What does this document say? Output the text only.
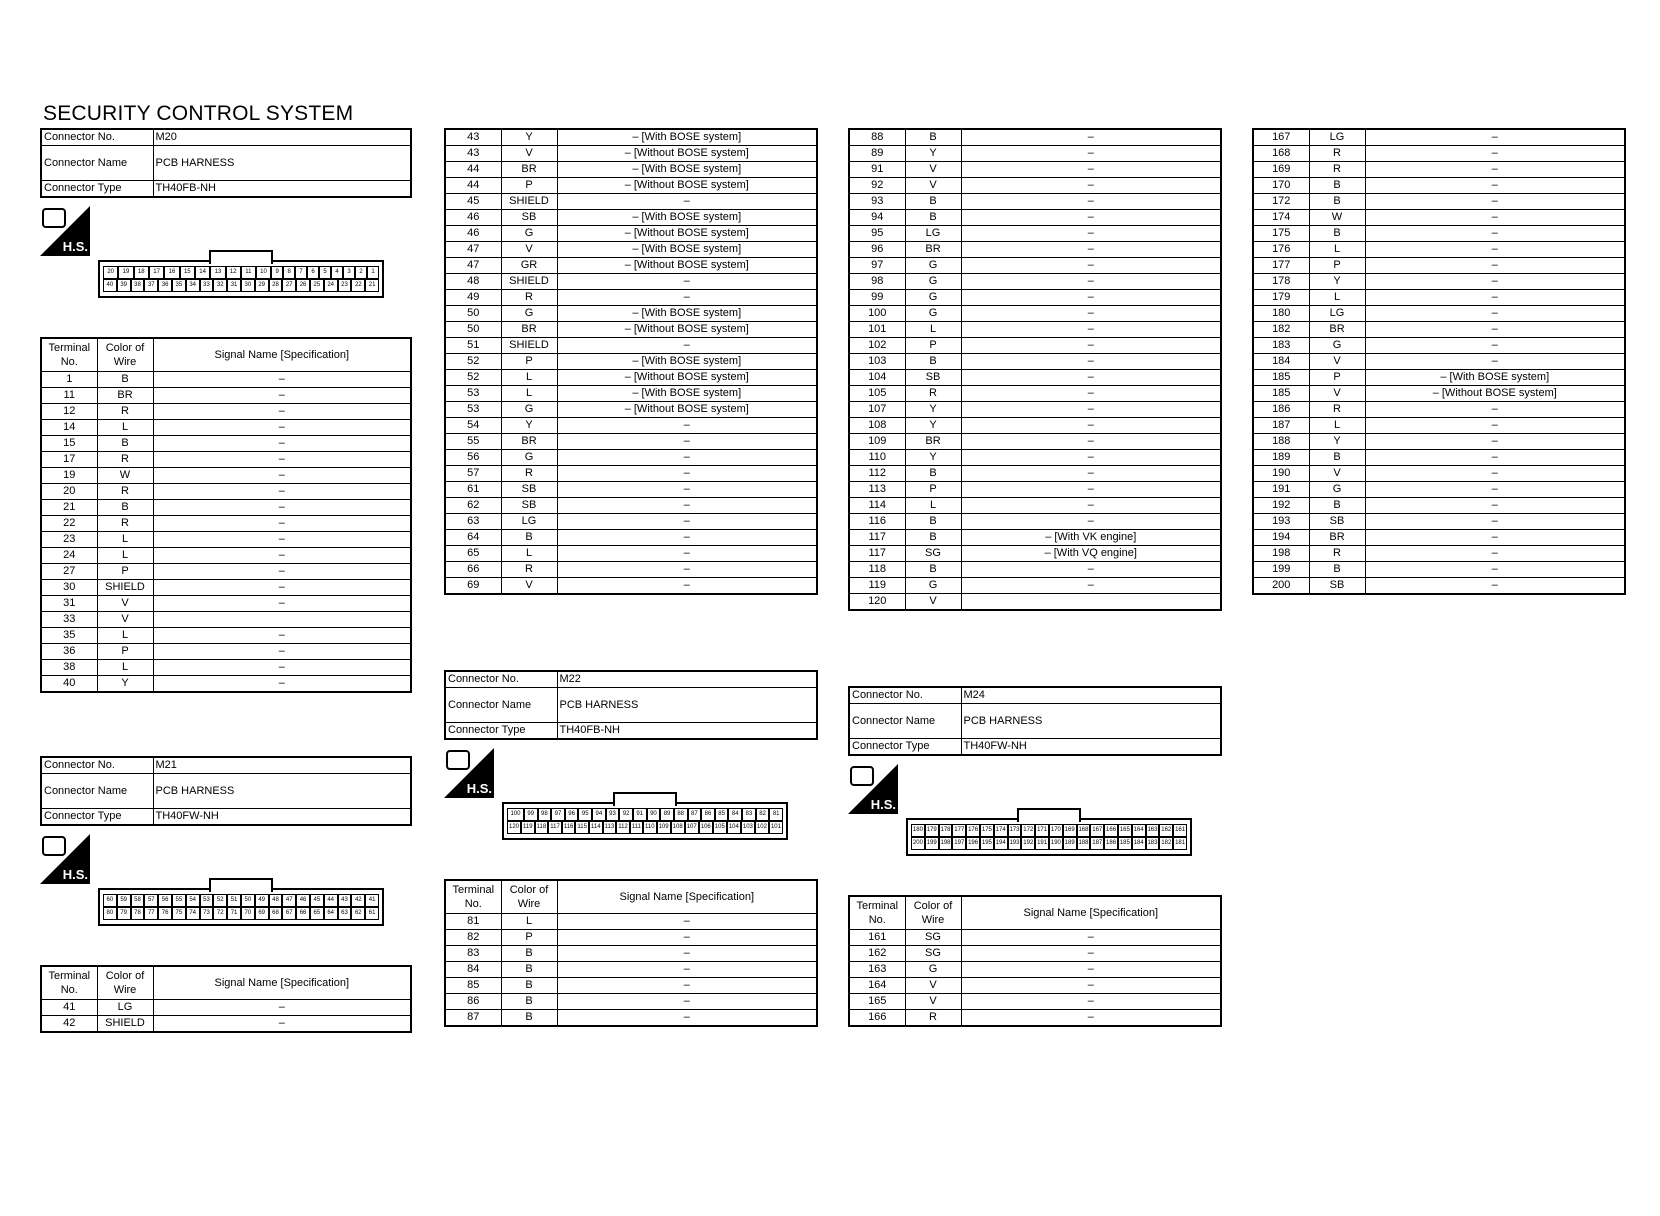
SECURITY CONTROL SYSTEM
Connector No.	M20
Connector Name	PCB HARNESS
Connector Type	TH40FB-NH
H.S.
20	19	18	17	16	15	14	13	12	11	10	9	8	7	6	5	4	3	2	1
40	39	38	37	36	35	34	33	32	31	30	29	28	27	26	25	24	23	22	21
Terminal No.	Color of Wire	Signal Name [Specification]
1	B	–
11	BR	–
12	R	–
14	L	–
15	B	–
17	R	–
19	W	–
20	R	–
21	B	–
22	R	–
23	L	–
24	L	–
27	P	–
30	SHIELD	–
31	V	–
33	V	
35	L	–
36	P	–
38	L	–
40	Y	–
Connector No.	M21
Connector Name	PCB HARNESS
Connector Type	TH40FW-NH
H.S.
60	59	58	57	56	55	54	53	52	51	50	49	48	47	46	45	44	43	42	41
80	79	78	77	76	75	74	73	72	71	70	69	68	67	66	65	64	63	62	61
Terminal No.	Color of Wire	Signal Name [Specification]
41	LG	–
42	SHIELD	–
43	Y	– [With BOSE system]
43	V	– [Without BOSE system]
44	BR	– [With BOSE system]
44	P	– [Without BOSE system]
45	SHIELD	–
46	SB	– [With BOSE system]
46	G	– [Without BOSE system]
47	V	– [With BOSE system]
47	GR	– [Without BOSE system]
48	SHIELD	–
49	R	–
50	G	– [With BOSE system]
50	BR	– [Without BOSE system]
51	SHIELD	–
52	P	– [With BOSE system]
52	L	– [Without BOSE system]
53	L	– [With BOSE system]
53	G	– [Without BOSE system]
54	Y	–
55	BR	–
56	G	–
57	R	–
61	SB	–
62	SB	–
63	LG	–
64	B	–
65	L	–
66	R	–
69	V	–
Connector No.	M22
Connector Name	PCB HARNESS
Connector Type	TH40FB-NH
H.S.
100	99	98	97	96	95	94	93	92	91	90	89	88	87	86	85	84	83	82	81
120 119 118 117 116 115 114 113 112 111 110 109 108 107 106 105 104 103 102 101
Terminal No.	Color of Wire	Signal Name [Specification]
81	L	–
82	P	–
83	B	–
84	B	–
85	B	–
86	B	–
87	B	–
88	B	–
89	Y	–
91	V	–
92	V	–
93	B	–
94	B	–
95	LG	–
96	BR	–
97	G	–
98	G	–
99	G	–
100	G	–
101	L	–
102	P	–
103	B	–
104	SB	–
105	R	–
107	Y	–
108	Y	–
109	BR	–
110	Y	–
112	B	–
113	P	–
114	L	–
116	B	–
117	B	– [With VK engine]
117	SG	– [With VQ engine]
118	B	–
119	G	–
120	V	
Connector No.	M24
Connector Name	PCB HARNESS
Connector Type	TH40FW-NH
H.S.
180 179 178 177 176 175 174 173 172 171 170 169 168 167 166 165 164 163 162 161
200 199 198 197 196 195 194 193 192 191 190 189 188 187 186 185 184 183 182 181
Terminal No.	Color of Wire	Signal Name [Specification]
161	SG	–
162	SG	–
163	G	–
164	V	–
165	V	–
166	R	–
167	LG	–
168	R	–
169	R	–
170	B	–
172	B	–
174	W	–
175	B	–
176	L	–
177	P	–
178	Y	–
179	L	–
180	LG	–
182	BR	–
183	G	–
184	V	–
185	P	– [With BOSE system]
185	V	– [Without BOSE system]
186	R	–
187	L	–
188	Y	–
189	B	–
190	V	–
191	G	–
192	B	–
193	SB	–
194	BR	–
198	R	–
199	B	–
200	SB	–
